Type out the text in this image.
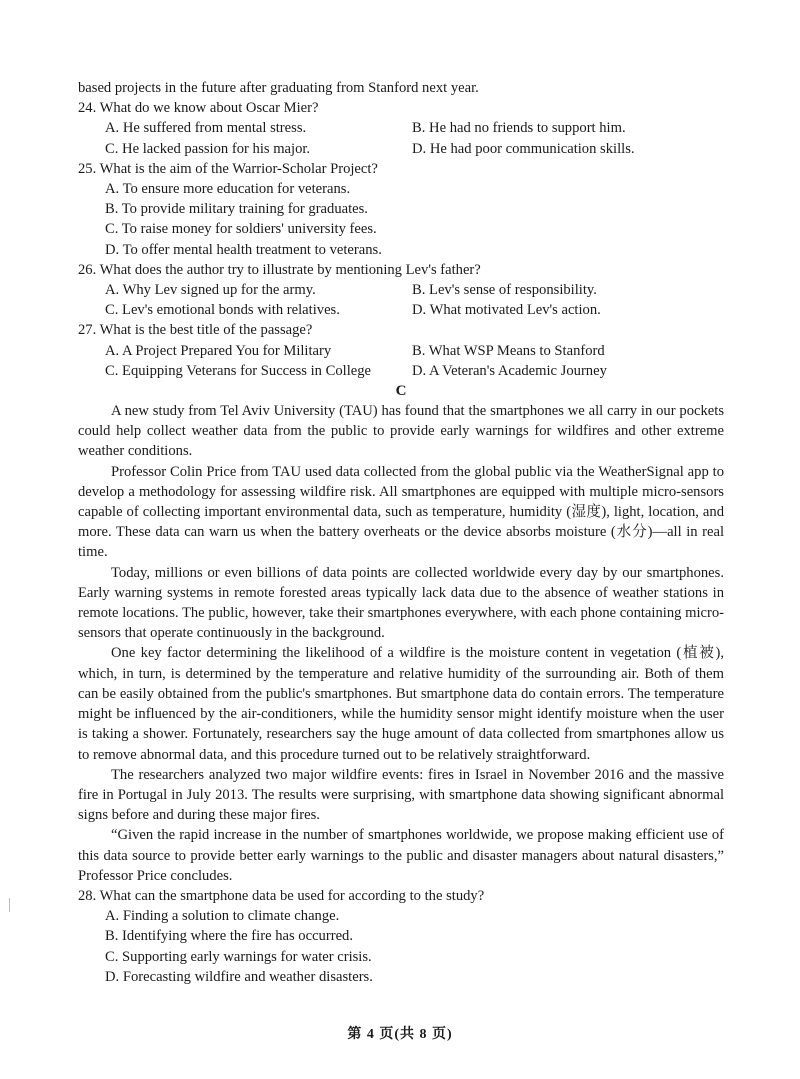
based projects in the future after graduating from Stanford next year.
24. What do we know about Oscar Mier?
A. He suffered from mental stress.	B. He had no friends to support him.
C. He lacked passion for his major.	D. He had poor communication skills.
25. What is the aim of the Warrior-Scholar Project?
A. To ensure more education for veterans.
B. To provide military training for graduates.
C. To raise money for soldiers' university fees.
D. To offer mental health treatment to veterans.
26. What does the author try to illustrate by mentioning Lev's father?
A. Why Lev signed up for the army.	B. Lev's sense of responsibility.
C. Lev's emotional bonds with relatives.	D. What motivated Lev's action.
27. What is the best title of the passage?
A. A Project Prepared You for Military	B. What WSP Means to Stanford
C. Equipping Veterans for Success in College	D. A Veteran's Academic Journey
C

A new study from Tel Aviv University (TAU) has found that the smartphones we all carry in our pockets could help collect weather data from the public to provide early warnings for wildfires and other extreme weather conditions.

Professor Colin Price from TAU used data collected from the global public via the WeatherSignal app to develop a methodology for assessing wildfire risk. All smartphones are equipped with multiple micro-sensors capable of collecting important environmental data, such as temperature, humidity (湿度), light, location, and more. These data can warn us when the battery overheats or the device absorbs moisture (水分)—all in real time.

Today, millions or even billions of data points are collected worldwide every day by our smartphones. Early warning systems in remote forested areas typically lack data due to the absence of weather stations in remote locations. The public, however, take their smartphones everywhere, with each phone containing micro-sensors that operate continuously in the background.

One key factor determining the likelihood of a wildfire is the moisture content in vegetation (植被), which, in turn, is determined by the temperature and relative humidity of the surrounding air. Both of them can be easily obtained from the public's smartphones. But smartphone data do contain errors. The temperature might be influenced by the air-conditioners, while the humidity sensor might identify moisture when the user is taking a shower. Fortunately, researchers say the huge amount of data collected from smartphones allow us to remove abnormal data, and this procedure turned out to be relatively straightforward.

The researchers analyzed two major wildfire events: fires in Israel in November 2016 and the massive fire in Portugal in July 2013. The results were surprising, with smartphone data showing significant abnormal signs before and during these major fires.

“Given the rapid increase in the number of smartphones worldwide, we propose making efficient use of this data source to provide better early warnings to the public and disaster managers about natural disasters,” Professor Price concludes.

28. What can the smartphone data be used for according to the study?
A. Finding a solution to climate change.
B. Identifying where the fire has occurred.
C. Supporting early warnings for water crisis.
D. Forecasting wildfire and weather disasters.
第 4 页(共 8 页)
